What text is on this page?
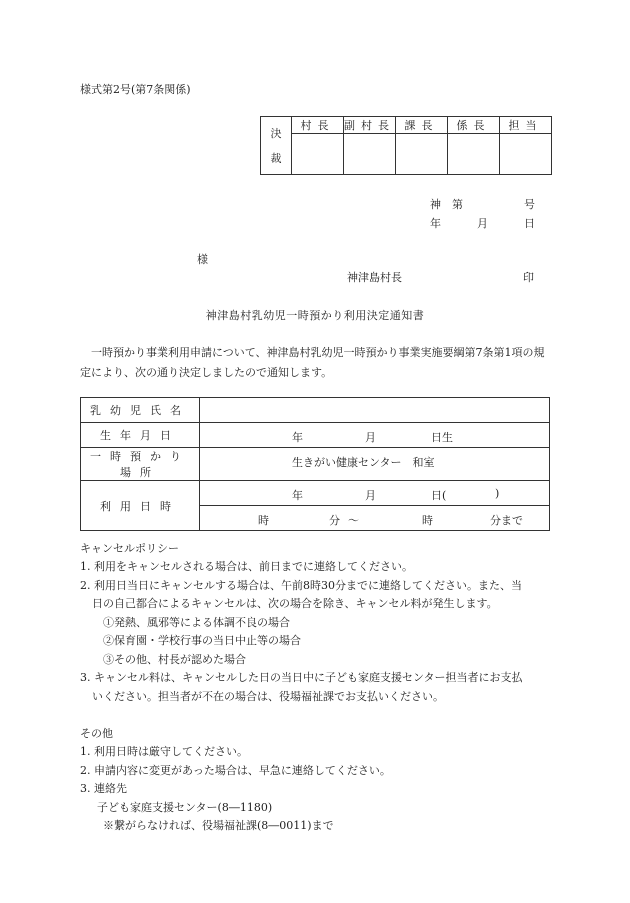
様式第2号(第7条関係)
決
裁	村長	副村長	課長	係長	担当

神 第	号
年	月	日
様
神津島村長	印
神津島村乳幼児一時預かり利用決定通知書
一時預かり事業利用申請について、神津島村乳幼児一時預かり事業実施要綱第7条第1項の規定により、次の通り決定しましたので通知します。
乳幼児氏名	
生年月日	年 月 日生

一時預かり場所	生きがい健康センター　和室

利用日時	年 月 日( )

	時 分 ～ 時 分まで
キャンセルポリシー
1. 利用をキャンセルされる場合は、前日までに連絡してください。
2. 利用日当日にキャンセルする場合は、午前8時30分までに連絡してください。また、当
日の自己都合によるキャンセルは、次の場合を除き、キャンセル料が発生します。
①発熱、風邪等による体調不良の場合
②保育園・学校行事の当日中止等の場合
③その他、村長が認めた場合
3. キャンセル料は、キャンセルした日の当日中に子ども家庭支援センター担当者にお支払
いください。担当者が不在の場合は、役場福祉課でお支払いください。
その他
1. 利用日時は厳守してください。
2. 申請内容に変更があった場合は、早急に連絡してください。
3. 連絡先
子ども家庭支援センター(8―1180)
※繋がらなければ、役場福祉課(8―0011)まで
